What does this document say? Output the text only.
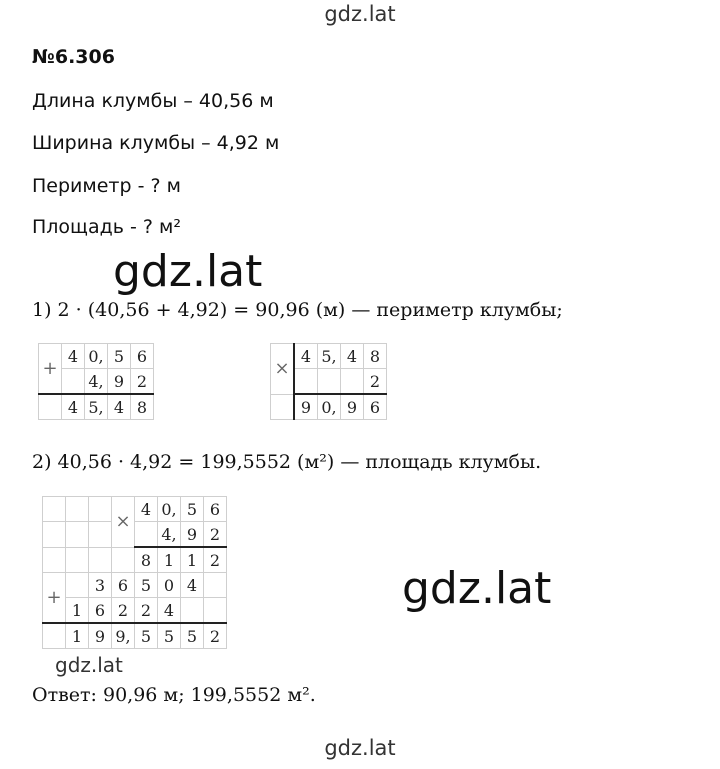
gdz.lat
gdz.lat
gdz.lat
gdz.lat
gdz.lat
№6.306
Длина клумбы – 40,56 м
Ширина клумбы – 4,92 м
Периметр - ? м
Площадь - ? м²
1) 2 · (40,56 + 4,92) = 90,96 (м) — периметр клумбы;
+	4	0,	5	6
		4,	9	2
	4	5,	4	8
×	4	5,	4	8
				2
	9	0,	9	6
2) 40,56 · 4,92 = 199,5552 (м²) — площадь клумбы.
			×	4	0,	5	6
					4,	9	2
				8	1	1	2
+		3	6	5	0	4	
	1	6	2	2	4		
	1	9	9,	5	5	5	2
Ответ: 90,96 м; 199,5552 м².
